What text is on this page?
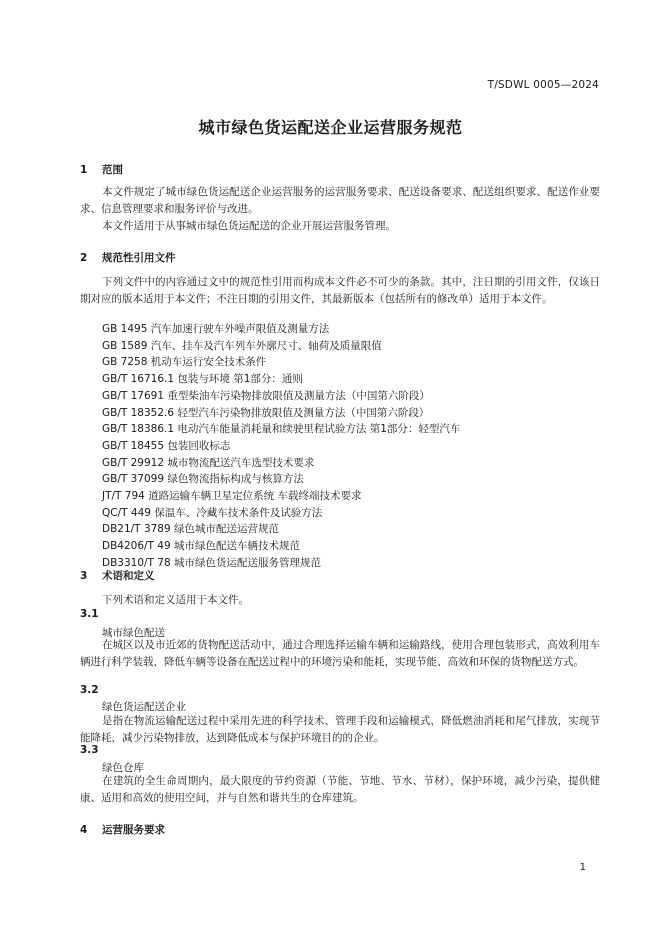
T/SDWL 0005—2024
城市绿色货运配送企业运营服务规范
1 范围

本文件规定了城市绿色货运配送企业运营服务的运营服务要求、配送设备要求、配送组织要求、配送作业要求、信息管理要求和服务评价与改进。

本文件适用于从事城市绿色货运配送的企业开展运营服务管理。

2 规范性引用文件

下列文件中的内容通过文中的规范性引用而构成本文件必不可少的条款。其中，注日期的引用文件，仅该日期对应的版本适用于本文件；不注日期的引用文件，其最新版本（包括所有的修改单）适用于本文件。

GB 1495 汽车加速行驶车外噪声限值及测量方法
GB 1589 汽车、挂车及汽车列车外廓尺寸、轴荷及质量限值
GB 7258 机动车运行安全技术条件
GB/T 16716.1 包装与环境 第1部分：通则
GB/T 17691 重型柴油车污染物排放限值及测量方法（中国第六阶段）
GB/T 18352.6 轻型汽车污染物排放限值及测量方法（中国第六阶段）
GB/T 18386.1 电动汽车能量消耗量和续驶里程试验方法 第1部分：轻型汽车
GB/T 18455 包装回收标志
GB/T 29912 城市物流配送汽车选型技术要求
GB/T 37099 绿色物流指标构成与核算方法
JT/T 794 道路运输车辆卫星定位系统 车载终端技术要求
QC/T 449 保温车、冷藏车技术条件及试验方法
DB21/T 3789 绿色城市配送运营规范
DB4206/T 49 城市绿色配送车辆技术规范
DB3310/T 78 城市绿色货运配送服务管理规范
3 术语和定义

下列术语和定义适用于本文件。

3.1
城市绿色配送

在城区以及市近郊的货物配送活动中，通过合理选择运输车辆和运输路线，使用合理包装形式，高效利用车辆进行科学装载，降低车辆等设备在配送过程中的环境污染和能耗，实现节能、高效和环保的货物配送方式。

3.2
绿色货运配送企业

是指在物流运输配送过程中采用先进的科学技术、管理手段和运输模式，降低燃油消耗和尾气排放，实现节能降耗，减少污染物排放，达到降低成本与保护环境目的的企业。

3.3
绿色仓库

在建筑的全生命周期内，最大限度的节约资源（节能、节地、节水、节材），保护环境，减少污染，提供健康、适用和高效的使用空间，并与自然和谐共生的仓库建筑。

4 运营服务要求
1
